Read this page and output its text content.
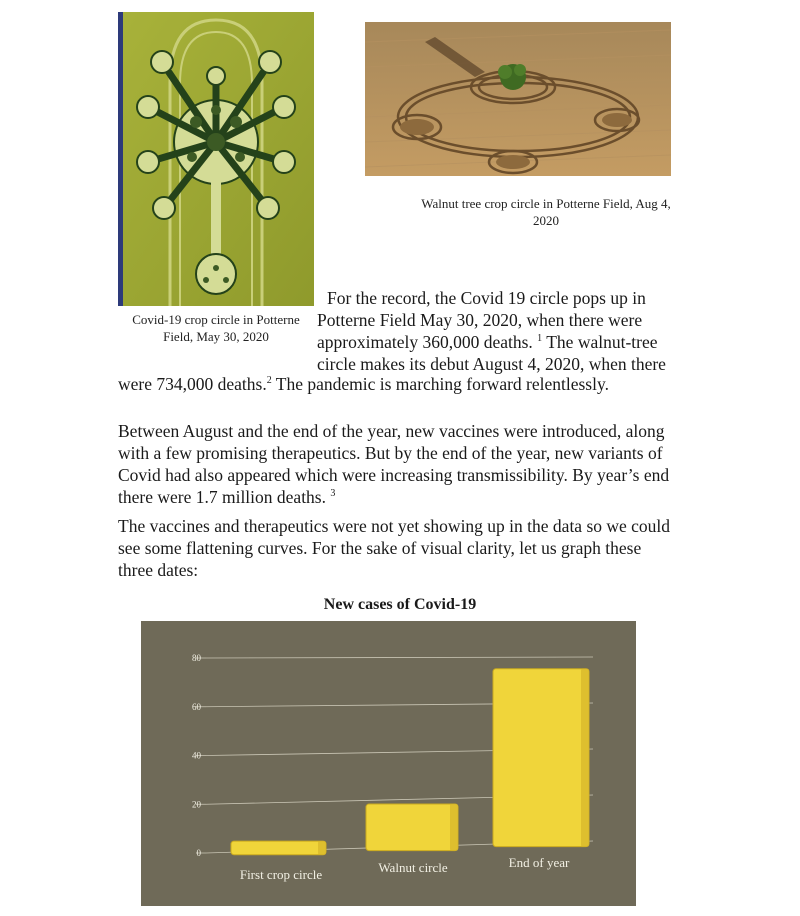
Covid-19 crop circle in Potterne Field, May 30, 2020
Walnut tree crop circle in Potterne Field, Aug 4, 2020
For the record, the Covid 19 circle pops up in
Potterne Field May 30, 2020, when there were
approximately 360,000 deaths. $^1$ The walnut-tree
circle makes its debut August 4, 2020, when there
were 734,000 deaths.$^2$ The pandemic is marching forward relentlessly.
Between August and the end of the year, new vaccines were introduced, along with a few promising therapeutics. But by the end of the year, new variants of Covid had also appeared which were increasing transmissibility. By year’s end there were 1.7 million deaths. $^3$
The vaccines and therapeutics were not yet showing up in the data so we could see some flattening curves. For the sake of visual clarity, let us graph these three dates:
New cases of Covid-19
0
20
40
60
80
First crop circle	Walnut circle	End of year
